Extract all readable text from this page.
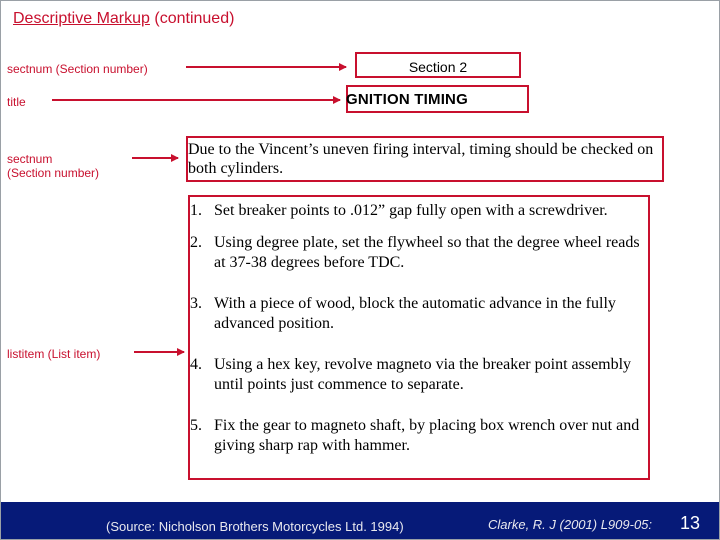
Descriptive Markup (continued)
sectnum (Section number)
title
sectnum
(Section number)
listitem (List item)
Section 2
GNITION TIMING
Due to the Vincent’s uneven firing interval, timing should be checked on both cylinders.
1. Set breaker points to .012” gap fully open with a screwdriver.
2. Using degree plate, set the flywheel so that the degree wheel reads at 37-38 degrees before TDC.
3. With a piece of wood, block the automatic advance in the fully advanced position.
4. Using a hex key, revolve magneto via the breaker point assembly until points just commence to separate.
5. Fix the gear to magneto shaft, by placing box wrench over nut and giving sharp rap with hammer.
(Source: Nicholson Brothers Motorcycles Ltd. 1994)	Clarke, R. J (2001) L909-05: 13
